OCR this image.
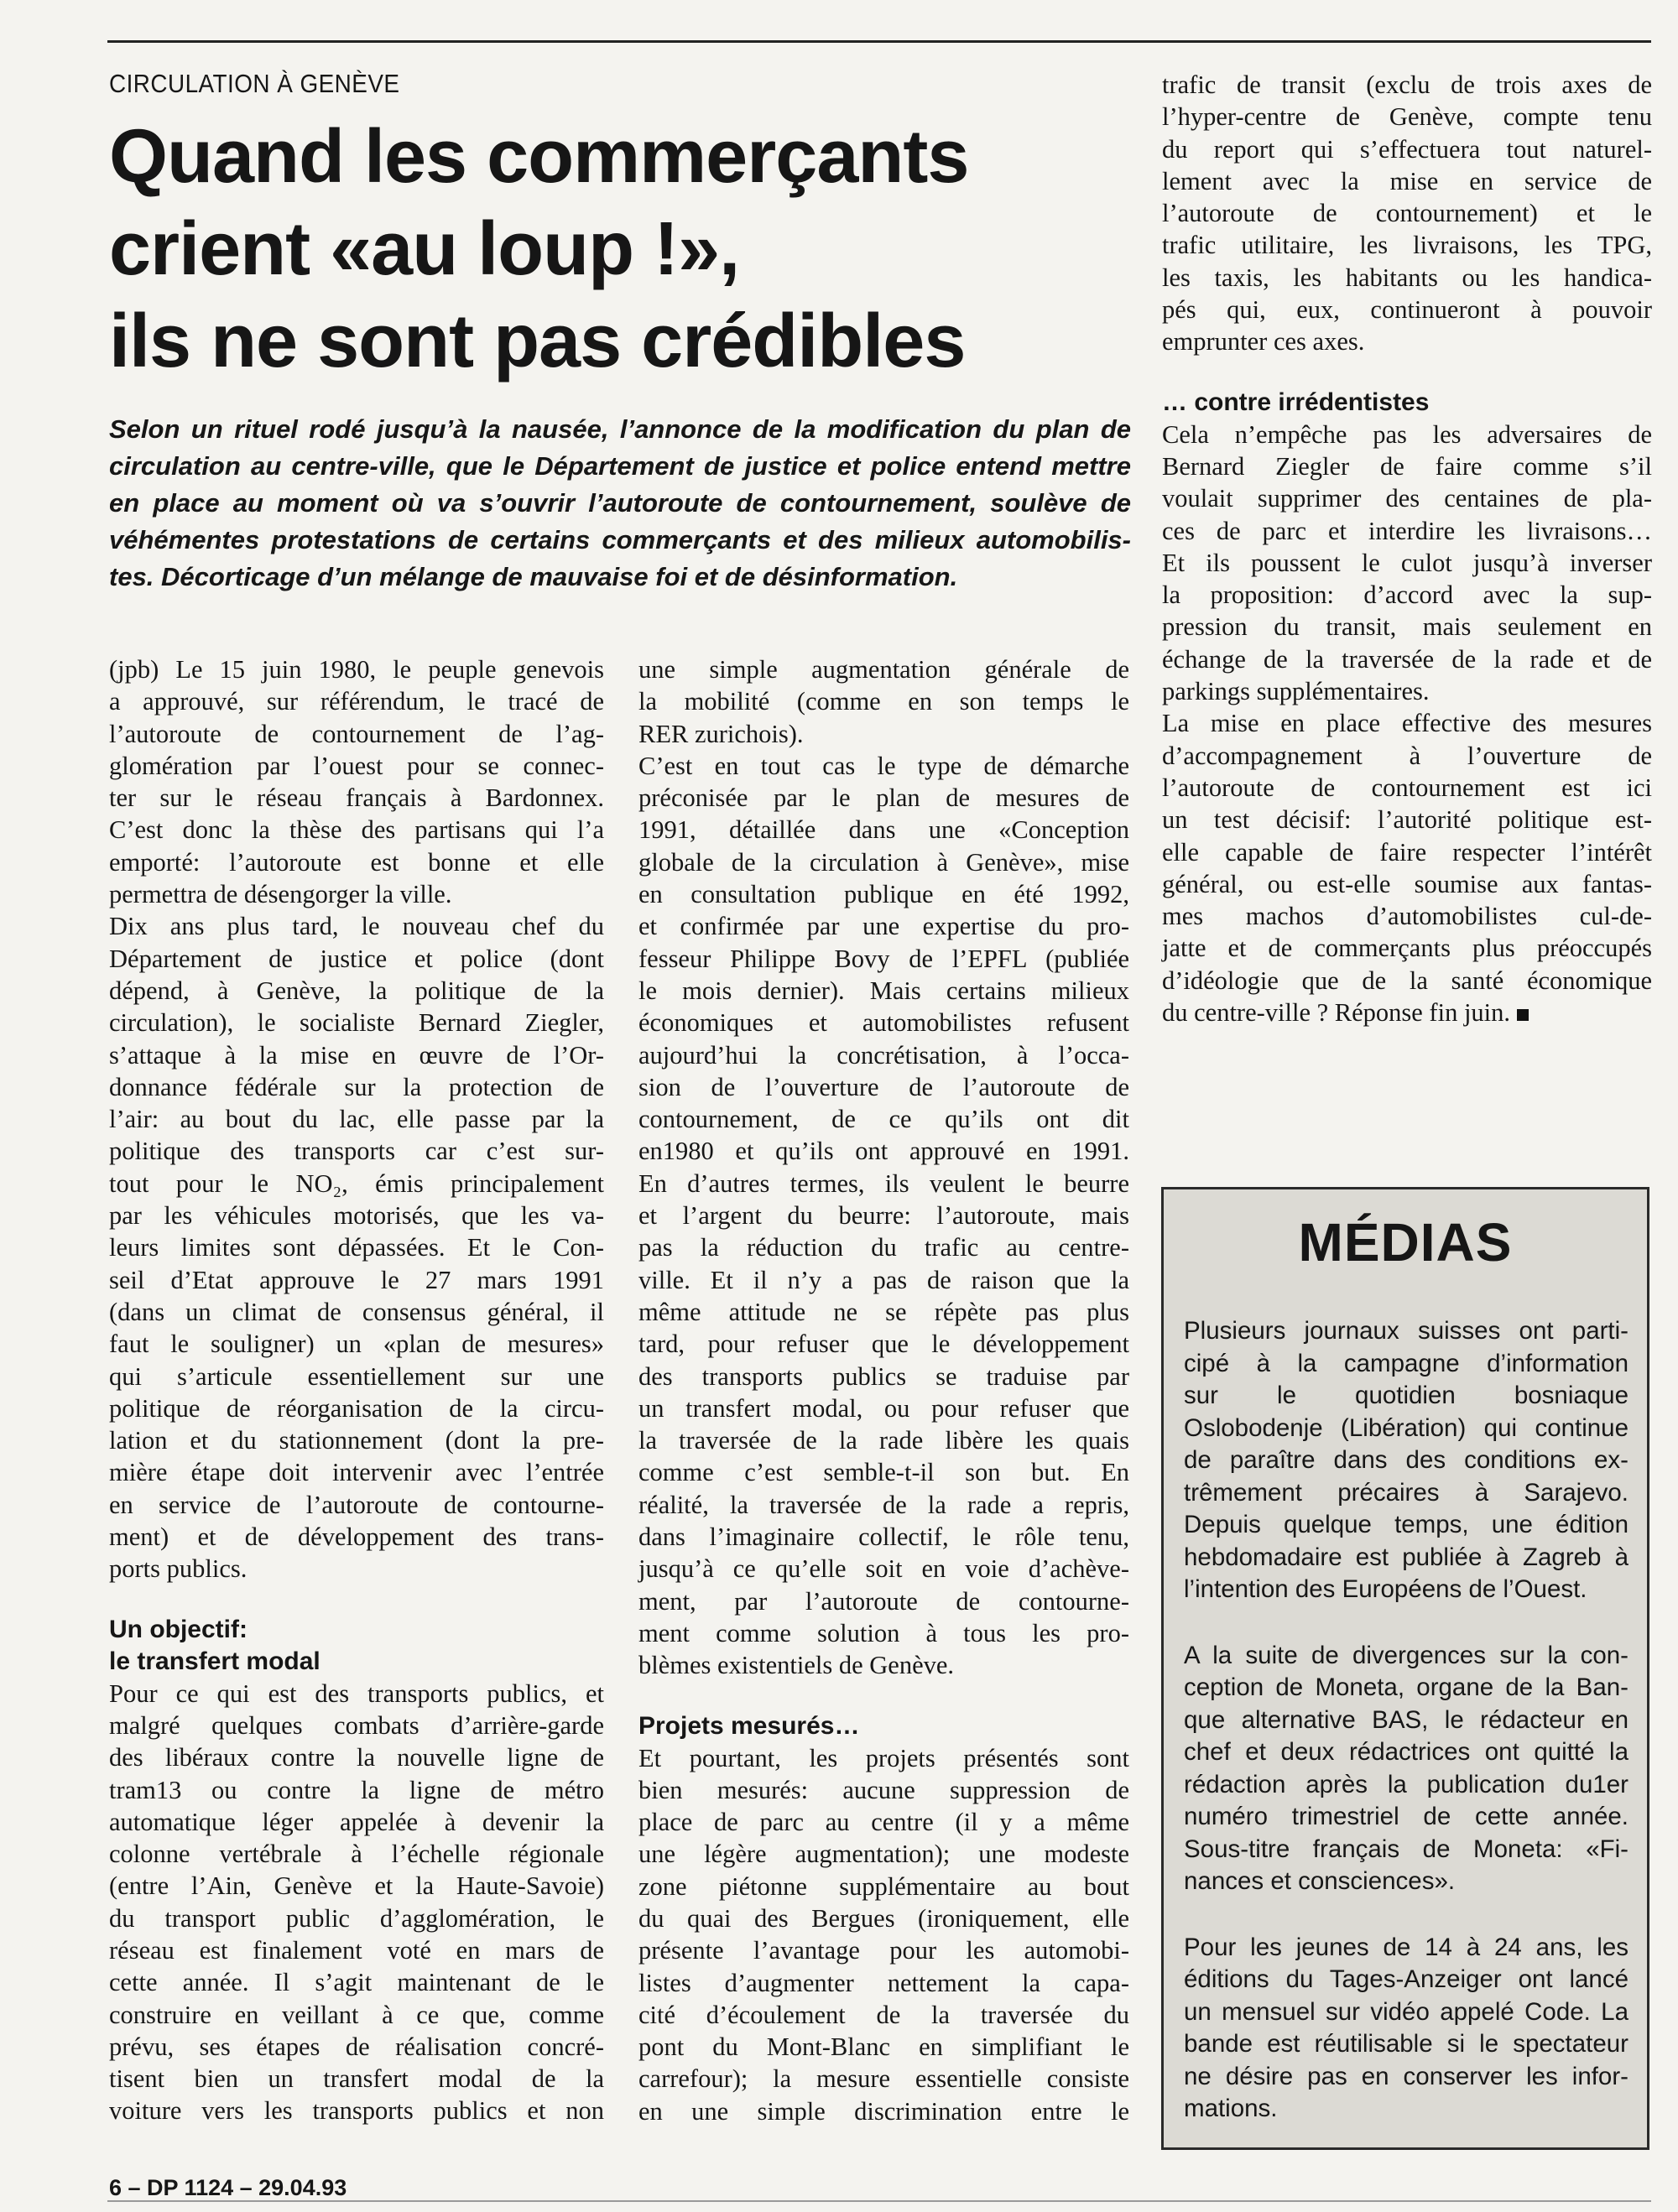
CIRCULATION À GENÈVE
Quand les commerçants
crient «au loup !»,
ils ne sont pas crédibles
Selon un rituel rodé jusqu’à la nausée, l’annonce de la modification du plan de
circulation au centre-ville, que le Département de justice et police entend mettre
en place au moment où va s’ouvrir l’autoroute de contournement, soulève de
véhémentes protestations de certains commerçants et des milieux automobilis-
tes. Décorticage d’un mélange de mauvaise foi et de désinformation.
(jpb) Le 15 juin 1980, le peuple genevois
a approuvé, sur référendum, le tracé de
l’autoroute de contournement de l’ag-
glomération par l’ouest pour se connec-
ter sur le réseau français à Bardonnex.
C’est donc la thèse des partisans qui l’a
emporté: l’autoroute est bonne et elle
permettra de désengorger la ville.
Dix ans plus tard, le nouveau chef du
Département de justice et police (dont
dépend, à Genève, la politique de la
circulation), le socialiste Bernard Ziegler,
s’attaque à la mise en œuvre de l’Or-
donnance fédérale sur la protection de
l’air: au bout du lac, elle passe par la
politique des transports car c’est sur-
tout pour le NO₂, émis principalement
par les véhicules motorisés, que les va-
leurs limites sont dépassées. Et le Con-
seil d’Etat approuve le 27 mars 1991
(dans un climat de consensus général, il
faut le souligner) un «plan de mesures»
qui s’articule essentiellement sur une
politique de réorganisation de la circu-
lation et du stationnement (dont la pre-
mière étape doit intervenir avec l’entrée
en service de l’autoroute de contourne-
ment) et de développement des trans-
ports publics.
Un objectif:
le transfert modal
Pour ce qui est des transports publics, et
malgré quelques combats d’arrière-garde
des libéraux contre la nouvelle ligne de
tram13 ou contre la ligne de métro
automatique léger appelée à devenir la
colonne vertébrale à l’échelle régionale
(entre l’Ain, Genève et la Haute-Savoie)
du transport public d’agglomération, le
réseau est finalement voté en mars de
cette année. Il s’agit maintenant de le
construire en veillant à ce que, comme
prévu, ses étapes de réalisation concré-
tisent bien un transfert modal de la
voiture vers les transports publics et non
une simple augmentation générale de
la mobilité (comme en son temps le
RER zurichois).
C’est en tout cas le type de démarche
préconisée par le plan de mesures de
1991, détaillée dans une «Conception
globale de la circulation à Genève», mise
en consultation publique en été 1992,
et confirmée par une expertise du pro-
fesseur Philippe Bovy de l’EPFL (publiée
le mois dernier). Mais certains milieux
économiques et automobilistes refusent
aujourd’hui la concrétisation, à l’occa-
sion de l’ouverture de l’autoroute de
contournement, de ce qu’ils ont dit
en1980 et qu’ils ont approuvé en 1991.
En d’autres termes, ils veulent le beurre
et l’argent du beurre: l’autoroute, mais
pas la réduction du trafic au centre-
ville. Et il n’y a pas de raison que la
même attitude ne se répète pas plus
tard, pour refuser que le développement
des transports publics se traduise par
un transfert modal, ou pour refuser que
la traversée de la rade libère les quais
comme c’est semble-t-il son but. En
réalité, la traversée de la rade a repris,
dans l’imaginaire collectif, le rôle tenu,
jusqu’à ce qu’elle soit en voie d’achève-
ment, par l’autoroute de contourne-
ment comme solution à tous les pro-
blèmes existentiels de Genève.
Projets mesurés…
Et pourtant, les projets présentés sont
bien mesurés: aucune suppression de
place de parc au centre (il y a même
une légère augmentation); une modeste
zone piétonne supplémentaire au bout
du quai des Bergues (ironiquement, elle
présente l’avantage pour les automobi-
listes d’augmenter nettement la capa-
cité d’écoulement de la traversée du
pont du Mont-Blanc en simplifiant le
carrefour); la mesure essentielle consiste
en une simple discrimination entre le
trafic de transit (exclu de trois axes de
l’hyper-centre de Genève, compte tenu
du report qui s’effectuera tout naturel-
lement avec la mise en service de
l’autoroute de contournement) et le
trafic utilitaire, les livraisons, les TPG,
les taxis, les habitants ou les handica-
pés qui, eux, continueront à pouvoir
emprunter ces axes.
… contre irrédentistes
Cela n’empêche pas les adversaires de
Bernard Ziegler de faire comme s’il
voulait supprimer des centaines de pla-
ces de parc et interdire les livraisons…
Et ils poussent le culot jusqu’à inverser
la proposition: d’accord avec la sup-
pression du transit, mais seulement en
échange de la traversée de la rade et de
parkings supplémentaires.
La mise en place effective des mesures
d’accompagnement à l’ouverture de
l’autoroute de contournement est ici
un test décisif: l’autorité politique est-
elle capable de faire respecter l’intérêt
général, ou est-elle soumise aux fantas-
mes machos d’automobilistes cul-de-
jatte et de commerçants plus préoccupés
d’idéologie que de la santé économique
du centre-ville ? Réponse fin juin.
MÉDIAS
Plusieurs journaux suisses ont parti-
cipé à la campagne d’information
sur le quotidien bosniaque
Oslobodenje (Libération) qui continue
de paraître dans des conditions ex-
trêmement précaires à Sarajevo.
Depuis quelque temps, une édition
hebdomadaire est publiée à Zagreb à
l’intention des Européens de l’Ouest.
A la suite de divergences sur la con-
ception de Moneta, organe de la Ban-
que alternative BAS, le rédacteur en
chef et deux rédactrices ont quitté la
rédaction après la publication du1er
numéro trimestriel de cette année.
Sous-titre français de Moneta: «Fi-
nances et consciences».
Pour les jeunes de 14 à 24 ans, les
éditions du Tages-Anzeiger ont lancé
un mensuel sur vidéo appelé Code. La
bande est réutilisable si le spectateur
ne désire pas en conserver les infor-
mations.
6 – DP 1124 – 29.04.93
